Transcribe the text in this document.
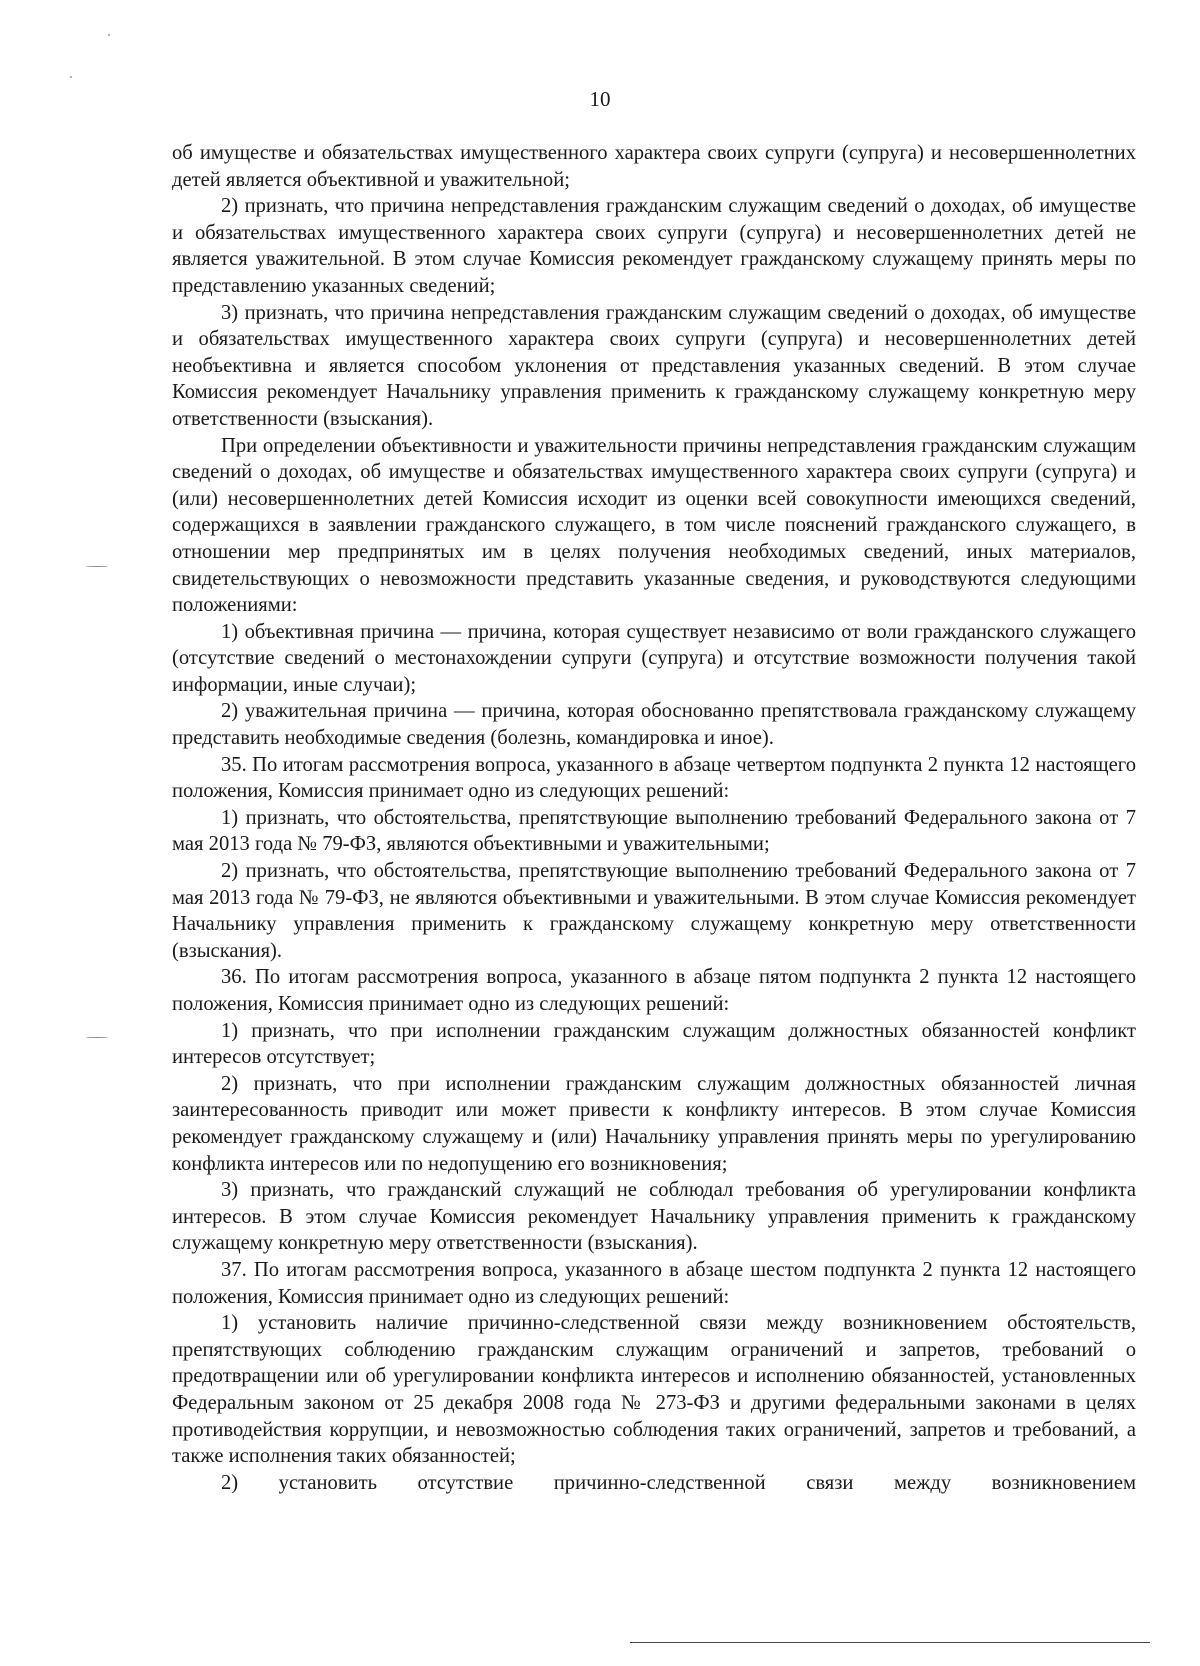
10

об имуществе и обязательствах имущественного характера своих супруги (супруга) и несовершеннолетних детей является объективной и уважительной;

2) признать, что причина непредставления гражданским служащим сведений о доходах, об имуществе и обязательствах имущественного характера своих супруги (супруга) и несовершеннолетних детей не является уважительной. В этом случае Комиссия рекомендует гражданскому служащему принять меры по представлению указанных сведений;

3) признать, что причина непредставления гражданским служащим сведений о доходах, об имуществе и обязательствах имущественного характера своих супруги (супруга) и несовершеннолетних детей необъективна и является способом уклонения от представления указанных сведений. В этом случае Комиссия рекомендует Начальнику управления применить к гражданскому служащему конкретную меру ответственности (взыскания).

При определении объективности и уважительности причины непредставления гражданским служащим сведений о доходах, об имуществе и обязательствах имущественного характера своих супруги (супруга) и (или) несовершеннолетних детей Комиссия исходит из оценки всей совокупности имеющихся сведений, содержащихся в заявлении гражданского служащего, в том числе пояснений гражданского служащего, в отношении мер предпринятых им в целях получения необходимых сведений, иных материалов, свидетельствующих о невозможности представить указанные сведения, и руководствуются следующими положениями:

1) объективная причина — причина, которая существует независимо от воли гражданского служащего (отсутствие сведений о местонахождении супруги (супруга) и отсутствие возможности получения такой информации, иные случаи);

2) уважительная причина — причина, которая обоснованно препятствовала гражданскому служащему представить необходимые сведения (болезнь, командировка и иное).

35. По итогам рассмотрения вопроса, указанного в абзаце четвертом подпункта 2 пункта 12 настоящего положения, Комиссия принимает одно из следующих решений:

1) признать, что обстоятельства, препятствующие выполнению требований Федерального закона от 7 мая 2013 года № 79-ФЗ, являются объективными и уважительными;

2) признать, что обстоятельства, препятствующие выполнению требований Федерального закона от 7 мая 2013 года № 79-ФЗ, не являются объективными и уважительными. В этом случае Комиссия рекомендует Начальнику управления применить к гражданскому служащему конкретную меру ответственности (взыскания).

36. По итогам рассмотрения вопроса, указанного в абзаце пятом подпункта 2 пункта 12 настоящего положения, Комиссия принимает одно из следующих решений:

1) признать, что при исполнении гражданским служащим должностных обязанностей конфликт интересов отсутствует;

2) признать, что при исполнении гражданским служащим должностных обязанностей личная заинтересованность приводит или может привести к конфликту интересов. В этом случае Комиссия рекомендует гражданскому служащему и (или) Начальнику управления принять меры по урегулированию конфликта интересов или по недопущению его возникновения;

3) признать, что гражданский служащий не соблюдал требования об урегулировании конфликта интересов. В этом случае Комиссия рекомендует Начальнику управления применить к гражданскому служащему конкретную меру ответственности (взыскания).

37. По итогам рассмотрения вопроса, указанного в абзаце шестом подпункта 2 пункта 12 настоящего положения, Комиссия принимает одно из следующих решений:

1) установить наличие причинно-следственной связи между возникновением обстоятельств, препятствующих соблюдению гражданским служащим ограничений и запретов, требований о предотвращении или об урегулировании конфликта интересов и исполнению обязанностей, установленных Федеральным законом от 25 декабря 2008 года № 273-ФЗ и другими федеральными законами в целях противодействия коррупции, и невозможностью соблюдения таких ограничений, запретов и требований, а также исполнения таких обязанностей;

2) установить отсутствие причинно-следственной связи между возникновением
